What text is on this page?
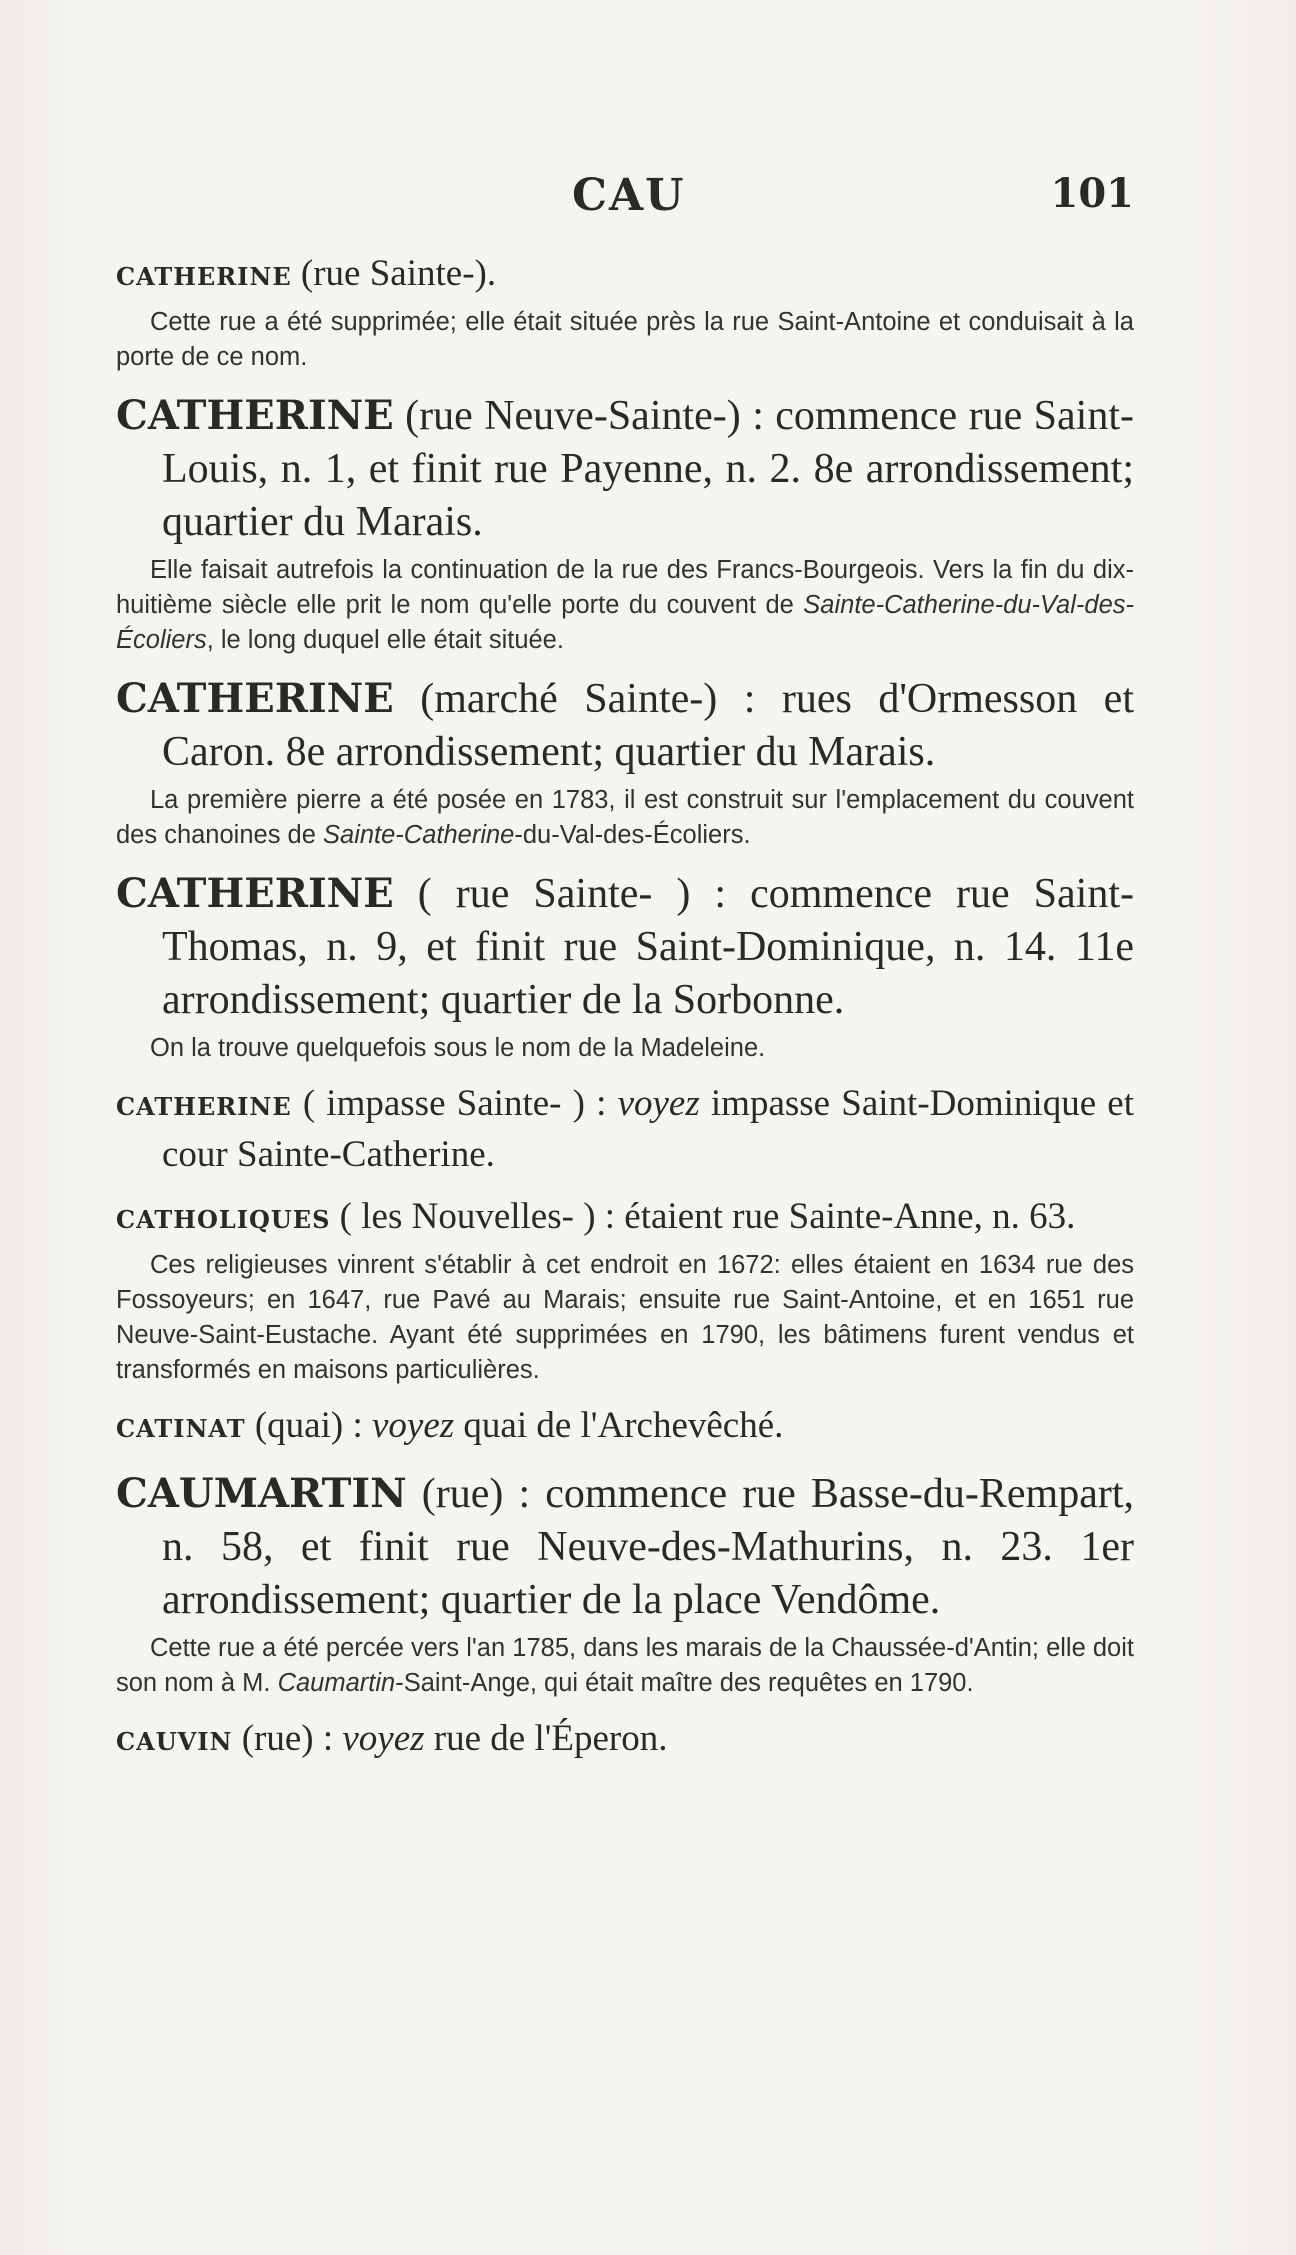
CAU	101

CATHERINE (rue Sainte-).

Cette rue a été supprimée; elle était située près la rue Saint-Antoine et conduisait à la porte de ce nom.

CATHERINE (rue Neuve-Sainte-) : commence rue Saint-Louis, n. 1, et finit rue Payenne, n. 2. 8e arrondissement; quartier du Marais.

Elle faisait autrefois la continuation de la rue des Francs-Bourgeois. Vers la fin du dix-huitième siècle elle prit le nom qu'elle porte du couvent de Sainte-Catherine-du-Val-des-Écoliers, le long duquel elle était située.

CATHERINE (marché Sainte-) : rues d'Ormesson et Caron. 8e arrondissement; quartier du Marais.

La première pierre a été posée en 1783, il est construit sur l'emplacement du couvent des chanoines de Sainte-Catherine-du-Val-des-Écoliers.

CATHERINE ( rue Sainte- ) : commence rue Saint-Thomas, n. 9, et finit rue Saint-Dominique, n. 14. 11e arrondissement; quartier de la Sorbonne.

On la trouve quelquefois sous le nom de la Madeleine.

CATHERINE ( impasse Sainte- ) : voyez impasse Saint-Dominique et cour Sainte-Catherine.

CATHOLIQUES ( les Nouvelles- ) : étaient rue Sainte-Anne, n. 63.

Ces religieuses vinrent s'établir à cet endroit en 1672: elles étaient en 1634 rue des Fossoyeurs; en 1647, rue Pavé au Marais; ensuite rue Saint-Antoine, et en 1651 rue Neuve-Saint-Eustache. Ayant été supprimées en 1790, les bâtimens furent vendus et transformés en maisons particulières.

CATINAT (quai) : voyez quai de l'Archevêché.

CAUMARTIN (rue) : commence rue Basse-du-Rempart, n. 58, et finit rue Neuve-des-Mathurins, n. 23. 1er arrondissement; quartier de la place Vendôme.

Cette rue a été percée vers l'an 1785, dans les marais de la Chaussée-d'Antin; elle doit son nom à M. Caumartin-Saint-Ange, qui était maître des requêtes en 1790.

CAUVIN (rue) : voyez rue de l'Éperon.
